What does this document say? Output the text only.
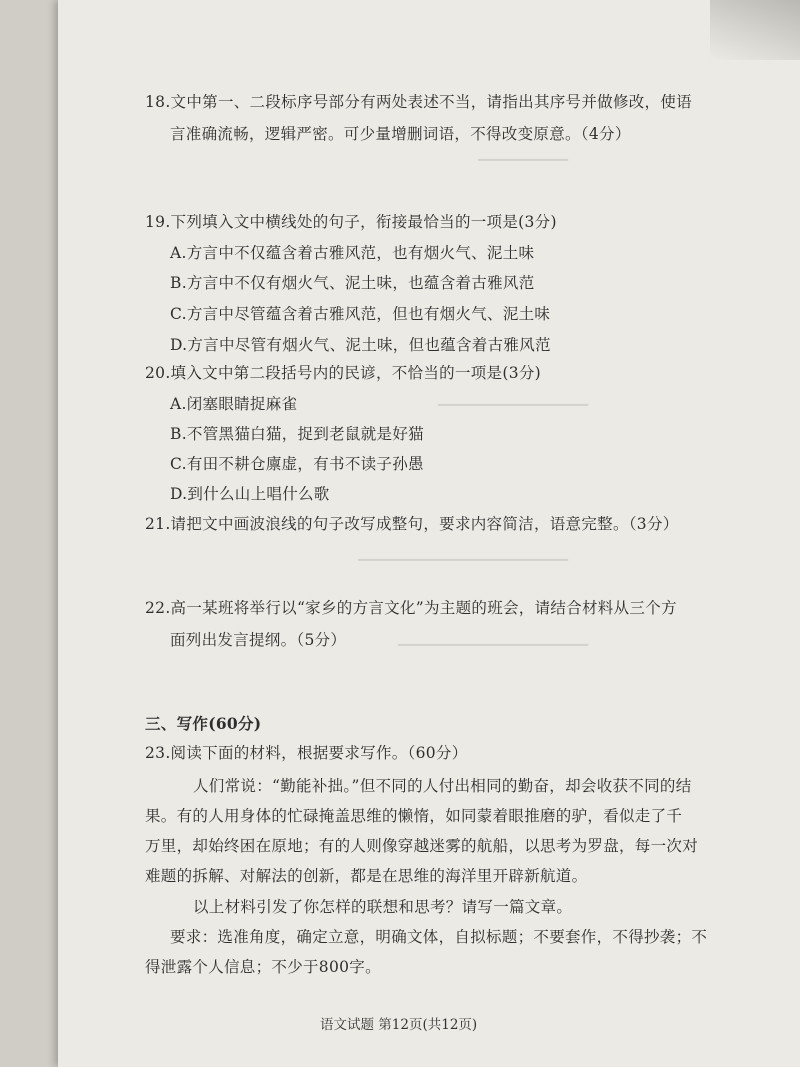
▔▔▔▔▔▔▔▔▔
▔▔▔▔▔▔▔▔▔▔▔▔▔▔▔
▔▔▔▔▔▔▔▔▔▔▔▔▔▔▔▔▔▔▔▔▔
▔▔▔▔▔▔▔▔▔▔▔▔▔▔▔▔▔▔▔
18.文中第一、二段标序号部分有两处表述不当，请指出其序号并做修改，使语
言准确流畅，逻辑严密。可少量增删词语，不得改变原意。（4分）
19.下列填入文中横线处的句子，衔接最恰当的一项是(3分)
A.方言中不仅蕴含着古雅风范，也有烟火气、泥土味
B.方言中不仅有烟火气、泥土味，也蕴含着古雅风范
C.方言中尽管蕴含着古雅风范，但也有烟火气、泥土味
D.方言中尽管有烟火气、泥土味，但也蕴含着古雅风范
20.填入文中第二段括号内的民谚，不恰当的一项是(3分)
A.闭塞眼睛捉麻雀
B.不管黑猫白猫，捉到老鼠就是好猫
C.有田不耕仓廪虚，有书不读子孙愚
D.到什么山上唱什么歌
21.请把文中画波浪线的句子改写成整句，要求内容简洁，语意完整。（3分）
22.高一某班将举行以“家乡的方言文化”为主题的班会，请结合材料从三个方
面列出发言提纲。（5分）
三、写作(60分)
23.阅读下面的材料，根据要求写作。（60分）
人们常说：“勤能补拙。”但不同的人付出相同的勤奋，却会收获不同的结
果。有的人用身体的忙碌掩盖思维的懒惰，如同蒙着眼推磨的驴，看似走了千
万里，却始终困在原地；有的人则像穿越迷雾的航船，以思考为罗盘，每一次对
难题的拆解、对解法的创新，都是在思维的海洋里开辟新航道。
以上材料引发了你怎样的联想和思考？请写一篇文章。
要求：选准角度，确定立意，明确文体，自拟标题；不要套作，不得抄袭；不
得泄露个人信息；不少于800字。
语文试题 第12页(共12页)
